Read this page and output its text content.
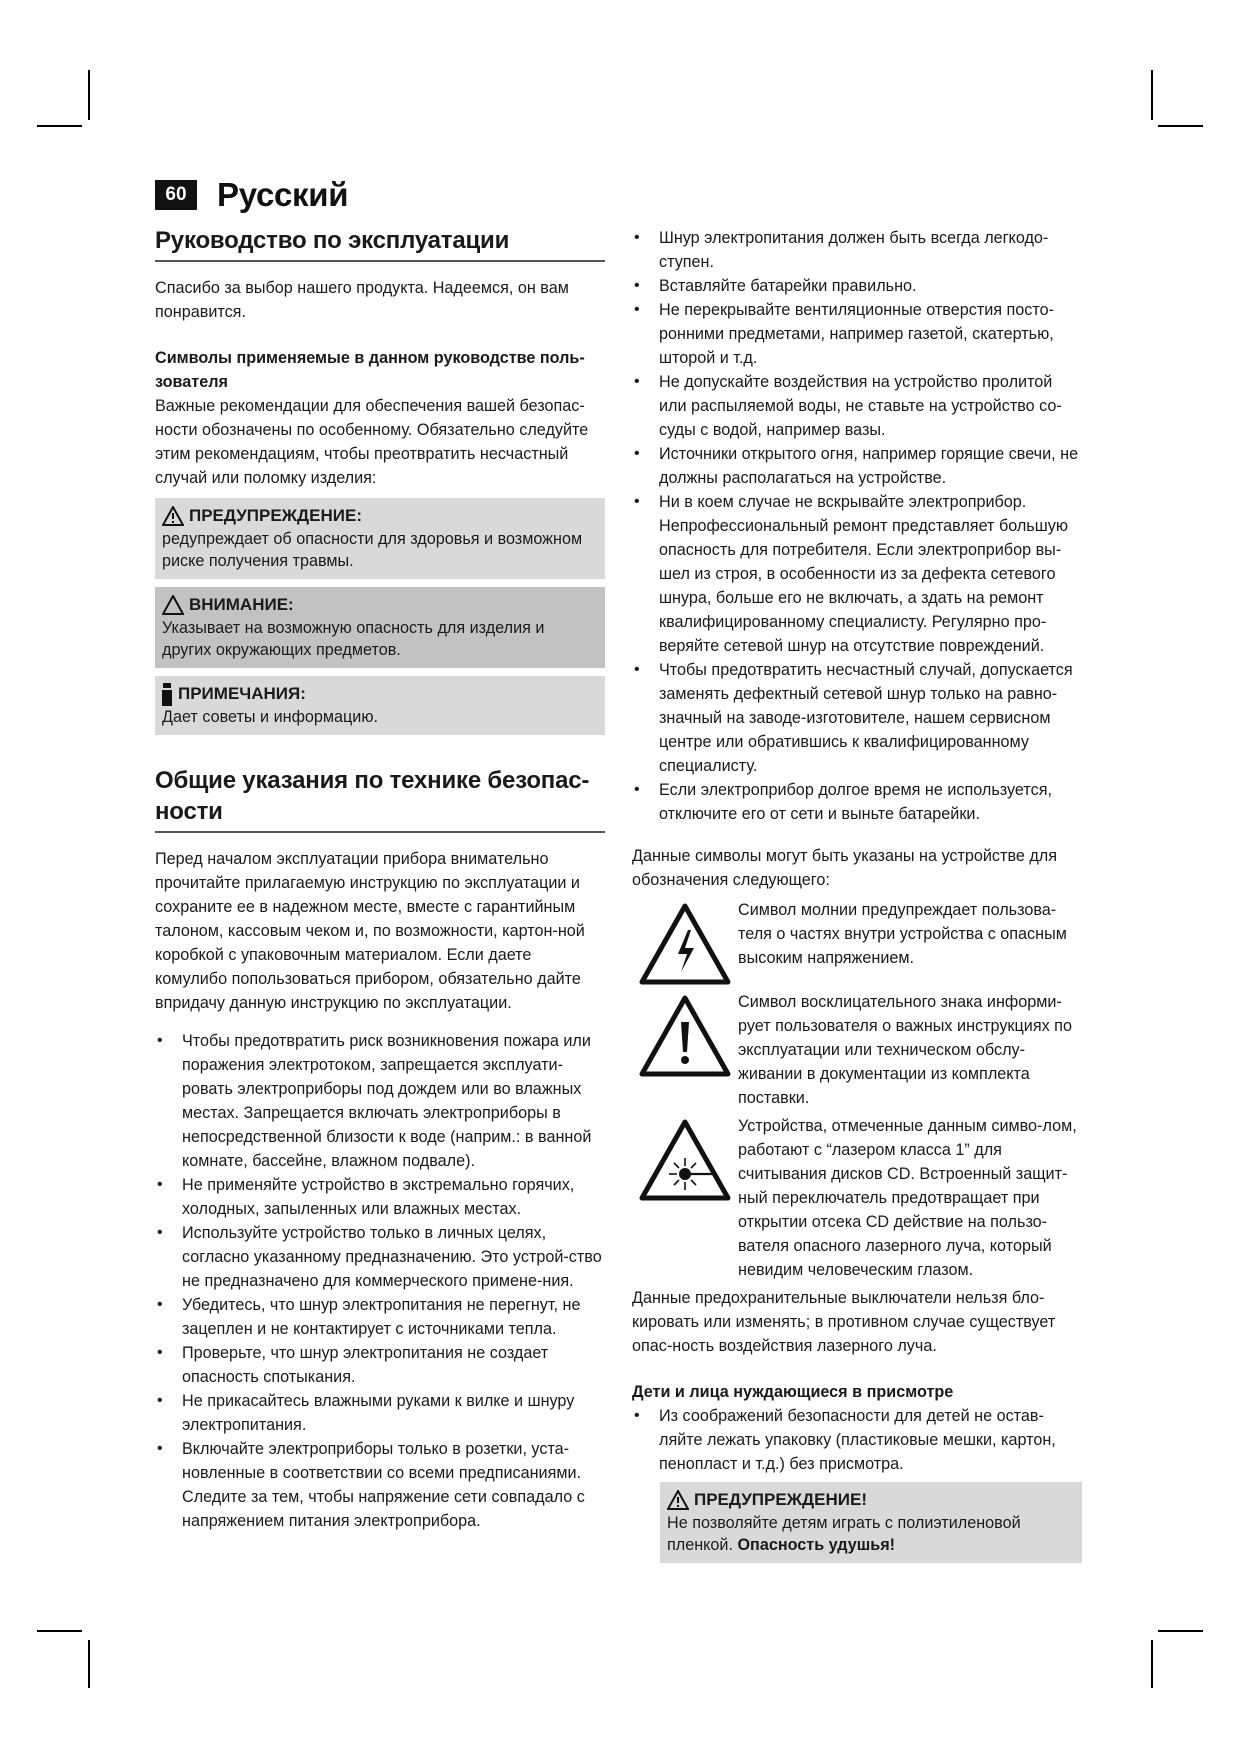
60 Русский
Руководство по эксплуатации
Спасибо за выбор нашего продукта. Надеемся, он вам понравится.
Символы применяемые в данном руководстве поль-зователя
Важные рекомендации для обеспечения вашей безопас-ности обозначены по особенному. Обязательно следуйте этим рекомендациям, чтобы преотвратить несчастный случай или поломку изделия:
ПРЕДУПРЕЖДЕНИЕ:
редупреждает об опасности для здоровья и возможном риске получения травмы.
ВНИМАНИЕ:
Указывает на возможную опасность для изделия и других окружающих предметов.
ПРИМЕЧАНИЯ:
Дает советы и информацию.
Общие указания по технике безопас-ности
Перед началом эксплуатации прибора внимательно прочитайте прилагаемую инструкцию по эксплуатации и сохраните ее в надежном месте, вместе с гарантийным талоном, кассовым чеком и, по возможности, картон-ной коробкой с упаковочным материалом. Если даете комулибо попользоваться прибором, обязательно дайте впридачу данную инструкцию по эксплуатации.
• Чтобы предотвратить риск возникновения пожара или поражения электротоком, запрещается эксплуати-ровать электроприборы под дождем или во влажных местах. Запрещается включать электроприборы в непосредственной близости к воде (наприм.: в ванной комнате, бассейне, влажном подвале).
• Не применяйте устройство в экстремально горячих, холодных, запыленных или влажных местах.
• Используйте устройство только в личных целях, согласно указанному предназначению. Это устрой-ство не предназначено для коммерческого примене-ния.
• Убедитесь, что шнур электропитания не перегнут, не зацеплен и не контактирует с источниками тепла.
• Проверьте, что шнур электропитания не создает опасность спотыкания.
• Не прикасайтесь влажными руками к вилке и шнуру электропитания.
• Включайте электроприборы только в розетки, уста-новленные в соответствии со всеми предписаниями. Следите за тем, чтобы напряжение сети совпадало с напряжением питания электроприбора.
• Шнур электропитания должен быть всегда легкодо-ступен.
• Вставляйте батарейки правильно.
• Не перекрывайте вентиляционные отверстия посто-ронними предметами, например газетой, скатертью, шторой и т.д.
• Не допускайте воздействия на устройство пролитой или распыляемой воды, не ставьте на устройство со-суды с водой, например вазы.
• Источники открытого огня, например горящие свечи, не должны располагаться на устройстве.
• Ни в коем случае не вскрывайте электроприбор. Непрофессиональный ремонт представляет большую опасность для потребителя. Если электроприбор вы-шел из строя, в особенности из за дефекта сетевого шнура, больше его не включать, а здать на ремонт квалифицированному специалисту. Регулярно про-веряйте сетевой шнур на отсутствие повреждений.
• Чтобы предотвратить несчастный случай, допускается заменять дефектный сетевой шнур только на равно-значный на заводе-изготовителе, нашем сервисном центре или обратившись к квалифицированному специалисту.
• Если электроприбор долгое время не используется, отключите его от сети и выньте батарейки.
Данные символы могут быть указаны на устройстве для обозначения следующего:
Символ молнии предупреждает пользова-теля о частях внутри устройства с опасным высоким напряжением.
Символ восклицательного знака информи-рует пользователя о важных инструкциях по эксплуатации или техническом обслу-живании в документации из комплекта поставки.
Устройства, отмеченные данным симво-лом, работают с “лазером класса 1” для считывания дисков CD. Встроенный защит-ный переключатель предотвращает при открытии отсека CD действие на пользо-вателя опасного лазерного луча, который невидим человеческим глазом.
Данные предохранительные выключатели нельзя бло-кировать или изменять; в противном случае существует опас-ность воздействия лазерного луча.
Дети и лица нуждающиеся в присмотре
• Из соображений безопасности для детей не остав-ляйте лежать упаковку (пластиковые мешки, картон, пенопласт и т.д.) без присмотра.
ПРЕДУПРЕЖДЕНИЕ!
Не позволяйте детям играть с полиэтиленовой пленкой. Опасность удушья!
